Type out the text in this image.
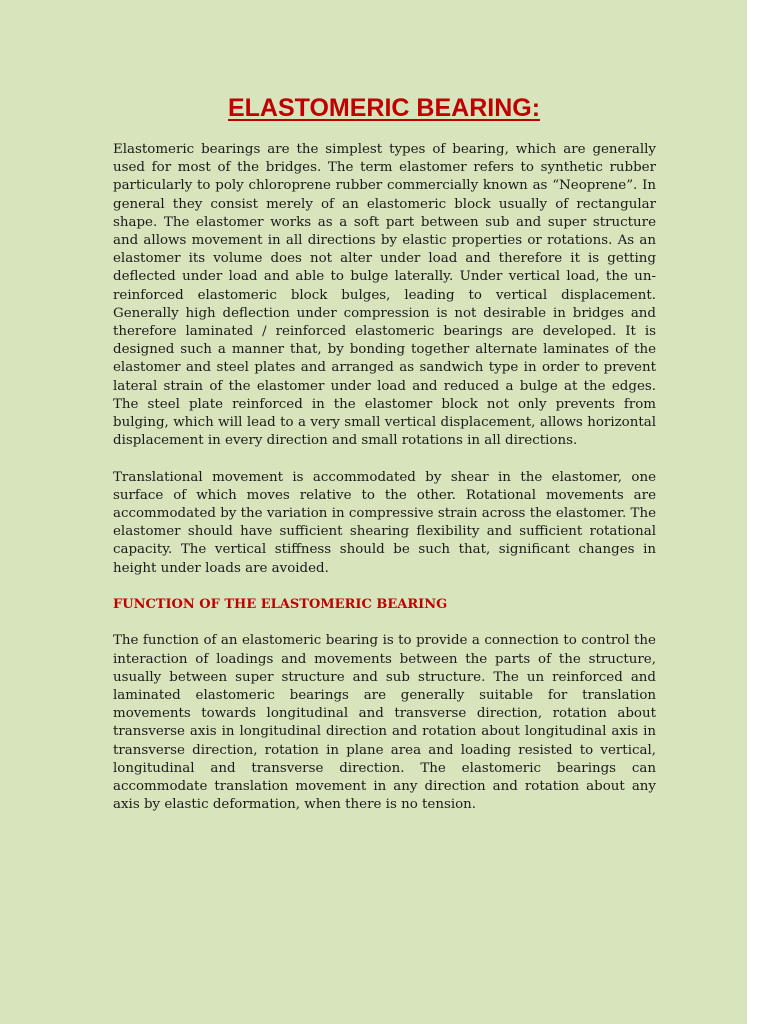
ELASTOMERIC BEARING:

Elastomeric bearings are the simplest types of bearing, which are generally used for most of the bridges. The term elastomer refers to synthetic rubber particularly to poly chloroprene rubber commercially known as “Neoprene”. In general they consist merely of an elastomeric block usually of rectangular shape. The elastomer works as a soft part between sub and super structure and allows movement in all directions by elastic properties or rotations. As an elastomer its volume does not alter under load and therefore it is getting deflected under load and able to bulge laterally. Under vertical load, the un-reinforced elastomeric block bulges, leading to vertical displacement. Generally high deflection under compression is not desirable in bridges and therefore laminated / reinforced elastomeric bearings are developed. It is designed such a manner that, by bonding together alternate laminates of the elastomer and steel plates and arranged as sandwich type in order to prevent lateral strain of the elastomer under load and reduced a bulge at the edges. The steel plate reinforced in the elastomer block not only prevents from bulging, which will lead to a very small vertical displacement, allows horizontal displacement in every direction and small rotations in all directions.

Translational movement is accommodated by shear in the elastomer, one surface of which moves relative to the other. Rotational movements are accommodated by the variation in compressive strain across the elastomer. The elastomer should have sufficient shearing flexibility and sufficient rotational capacity. The vertical stiffness should be such that, significant changes in height under loads are avoided.

FUNCTION OF THE ELASTOMERIC BEARING

The function of an elastomeric bearing is to provide a connection to control the interaction of loadings and movements between the parts of the structure, usually between super structure and sub structure. The un reinforced and laminated elastomeric bearings are generally suitable for translation movements towards longitudinal and transverse direction, rotation about transverse axis in longitudinal direction and rotation about longitudinal axis in transverse direction, rotation in plane area and loading resisted to vertical, longitudinal and transverse direction. The elastomeric bearings can accommodate translation movement in any direction and rotation about any axis by elastic deformation, when there is no tension.
